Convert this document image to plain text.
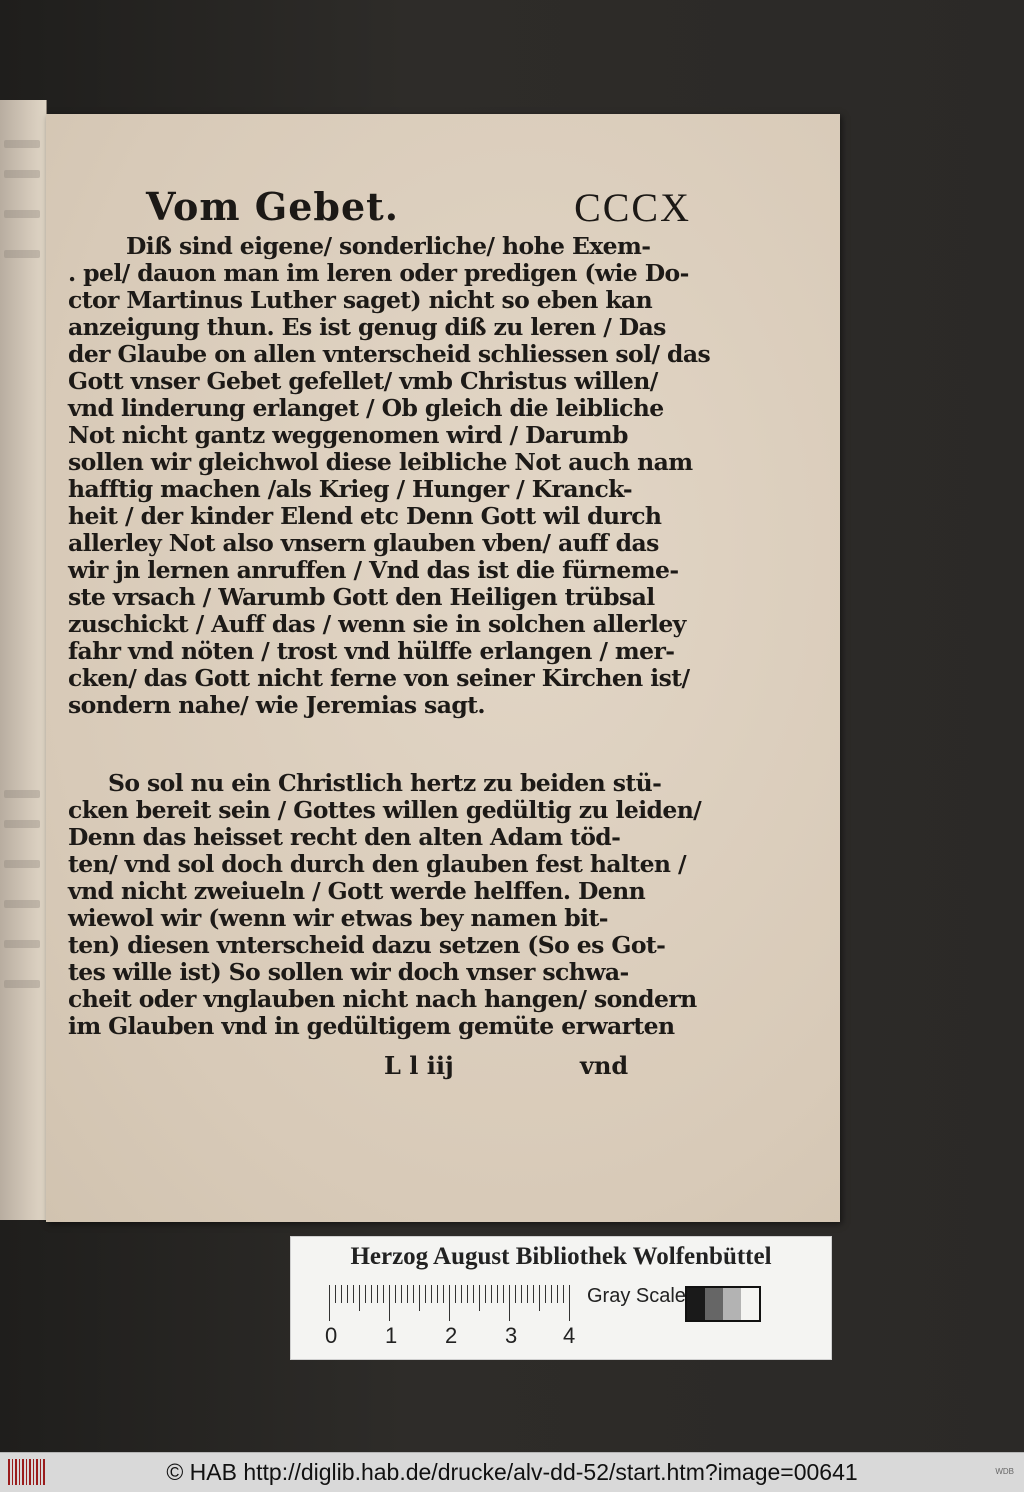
Vom Gebet.	CCCX
Diß sind eigene/ sonderliche/ hohe Exem-
. pel/ dauon man im leren oder predigen (wie Do-
ctor Martinus Luther saget) nicht so eben kan
anzeigung thun. Es ist genug diß zu leren / Das
der Glaube on allen vnterscheid schliessen sol/ das
Gott vnser Gebet gefellet/ vmb Christus willen/
vnd linderung erlanget / Ob gleich die leibliche
Not nicht gantz weggenomen wird / Darumb
sollen wir gleichwol diese leibliche Not auch nam
hafftig machen /als Krieg / Hunger / Kranck-
heit / der kinder Elend etc Denn Gott wil durch
allerley Not also vnsern glauben vben/ auff das
wir jn lernen anruffen / Vnd das ist die fürneme-
ste vrsach / Warumb Gott den Heiligen trübsal
zuschickt / Auff das / wenn sie in solchen allerley
fahr vnd nöten / trost vnd hülffe erlangen / mer-
cken/ das Gott nicht ferne von seiner Kirchen ist/
sondern nahe/ wie Jeremias sagt.
So sol nu ein Christlich hertz zu beiden stü-
cken bereit sein / Gottes willen gedültig zu leiden/
Denn das heisset recht den alten Adam töd-
ten/ vnd sol doch durch den glauben fest halten /
vnd nicht zweiueln / Gott werde helffen. Denn
wiewol wir (wenn wir etwas bey namen bit-
ten) diesen vnterscheid dazu setzen (So es Got-
tes wille ist) So sollen wir doch vnser schwa-
cheit oder vnglauben nicht nach hangen/ sondern
im Glauben vnd in gedültigem gemüte erwarten
L l iij	vnd
Herzog August Bibliothek Wolfenbüttel
0 1 2 3 4
Gray Scale
© HAB http://diglib.hab.de/drucke/alv-dd-52/start.htm?image=00641	WDB
